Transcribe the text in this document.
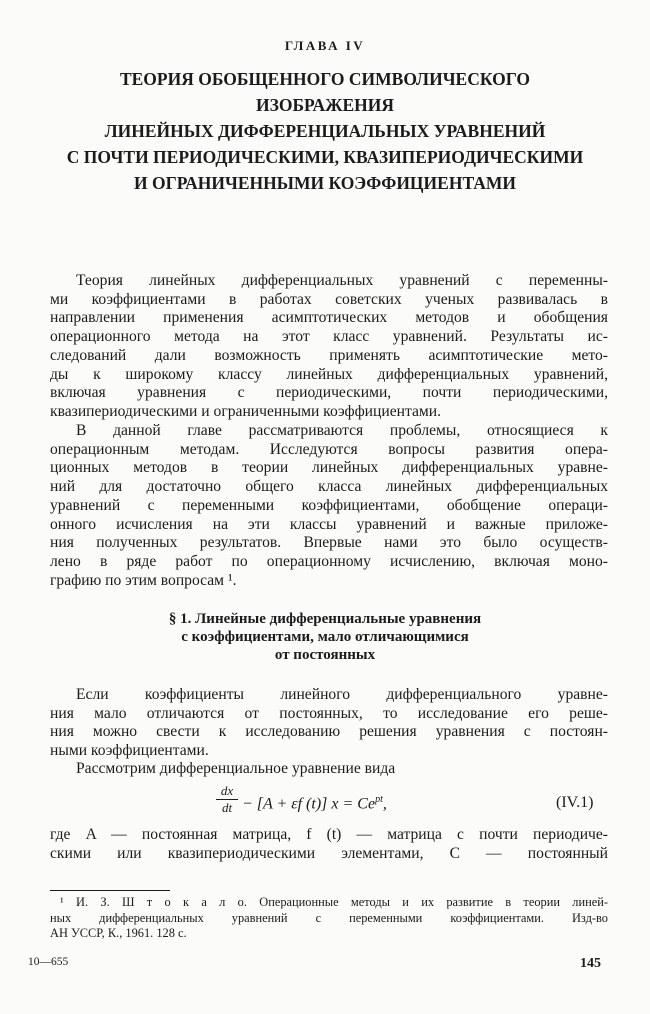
ГЛАВА IV
ТЕОРИЯ ОБОБЩЕННОГО СИМВОЛИЧЕСКОГО
ИЗОБРАЖЕНИЯ
ЛИНЕЙНЫХ ДИФФЕРЕНЦИАЛЬНЫХ УРАВНЕНИЙ
С ПОЧТИ ПЕРИОДИЧЕСКИМИ, КВАЗИПЕРИОДИЧЕСКИМИ
И ОГРАНИЧЕННЫМИ КОЭФФИЦИЕНТАМИ

Теория линейных дифференциальных уравнений с переменны-
ми коэффициентами в работах советских ученых развивалась в
направлении применения асимптотических методов и обобщения
операционного метода на этот класс уравнений. Результаты ис-
следований дали возможность применять асимптотические мето-
ды к широкому классу линейных дифференциальных уравнений,
включая уравнения с периодическими, почти периодическими,
квазипериодическими и ограниченными коэффициентами.

В данной главе рассматриваются проблемы, относящиеся к
операционным методам. Исследуются вопросы развития опера-
ционных методов в теории линейных дифференциальных уравне-
ний для достаточно общего класса линейных дифференциальных
уравнений с переменными коэффициентами, обобщение операци-
онного исчисления на эти классы уравнений и важные приложе-
ния полученных результатов. Впервые нами это было осуществ-
лено в ряде работ по операционному исчислению, включая моно-
графию по этим вопросам ¹.

§ 1. Линейные дифференциальные уравнения
с коэффициентами, мало отличающимися
от постоянных

Если коэффициенты линейного дифференциального уравне-
ния мало отличаются от постоянных, то исследование его реше-
ния можно свести к исследованию решения уравнения с постоян-
ными коэффициентами.

Рассмотрим дифференциальное уравнение вида

dx
dt − [A + εf (t)] $x = Ce^{pt}$,	(IV.1)

где A — постоянная матрица, f (t) — матрица с почти периодиче-
скими или квазипериодическими элементами, C — постоянный

¹ И. З. Ш т о к а л о. Операционные методы и их развитие в теории линей-
ных дифференциальных уравнений с переменными коэффициентами. Изд-во
АН УССР, К., 1961. 128 с.

10—655	145
